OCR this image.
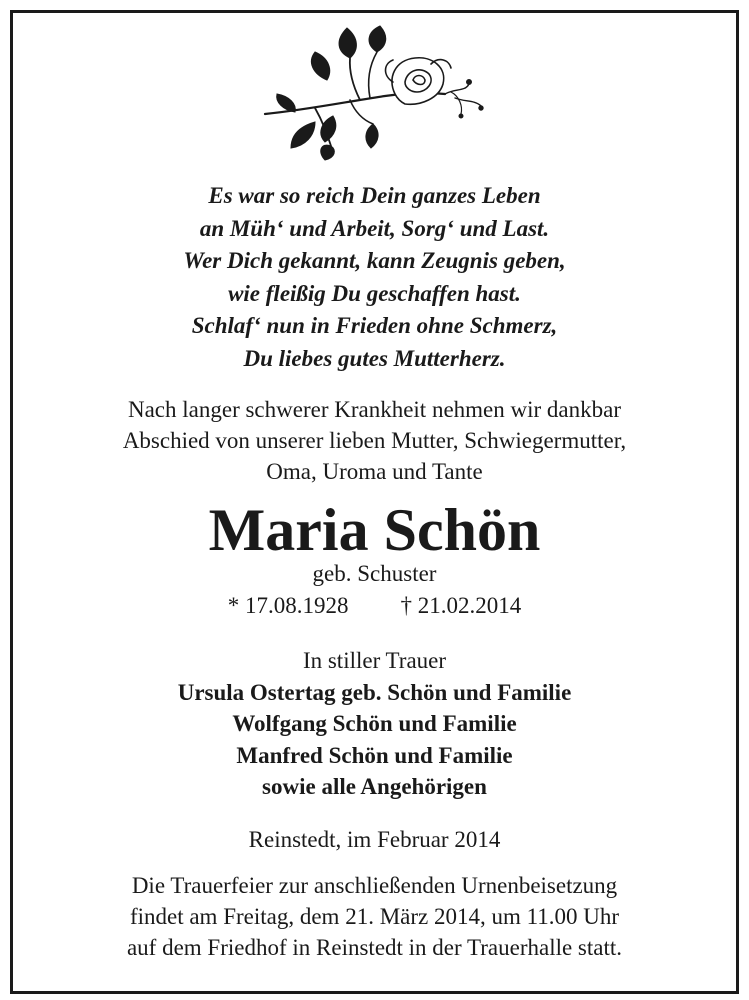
Es war so reich Dein ganzes Leben
an Müh‘ und Arbeit, Sorg‘ und Last.
Wer Dich gekannt, kann Zeugnis geben,
wie fleißig Du geschaffen hast.
Schlaf‘ nun in Frieden ohne Schmerz,
Du liebes gutes Mutterherz.
Nach langer schwerer Krankheit nehmen wir dankbar
Abschied von unserer lieben Mutter, Schwiegermutter,
Oma, Uroma und Tante
Maria Schön
geb. Schuster
* 17.08.1928 † 21.02.2014
In stiller Trauer
Ursula Ostertag geb. Schön und Familie
Wolfgang Schön und Familie
Manfred Schön und Familie
sowie alle Angehörigen
Reinstedt, im Februar 2014
Die Trauerfeier zur anschließenden Urnenbeisetzung
findet am Freitag, dem 21. März 2014, um 11.00 Uhr
auf dem Friedhof in Reinstedt in der Trauerhalle statt.
